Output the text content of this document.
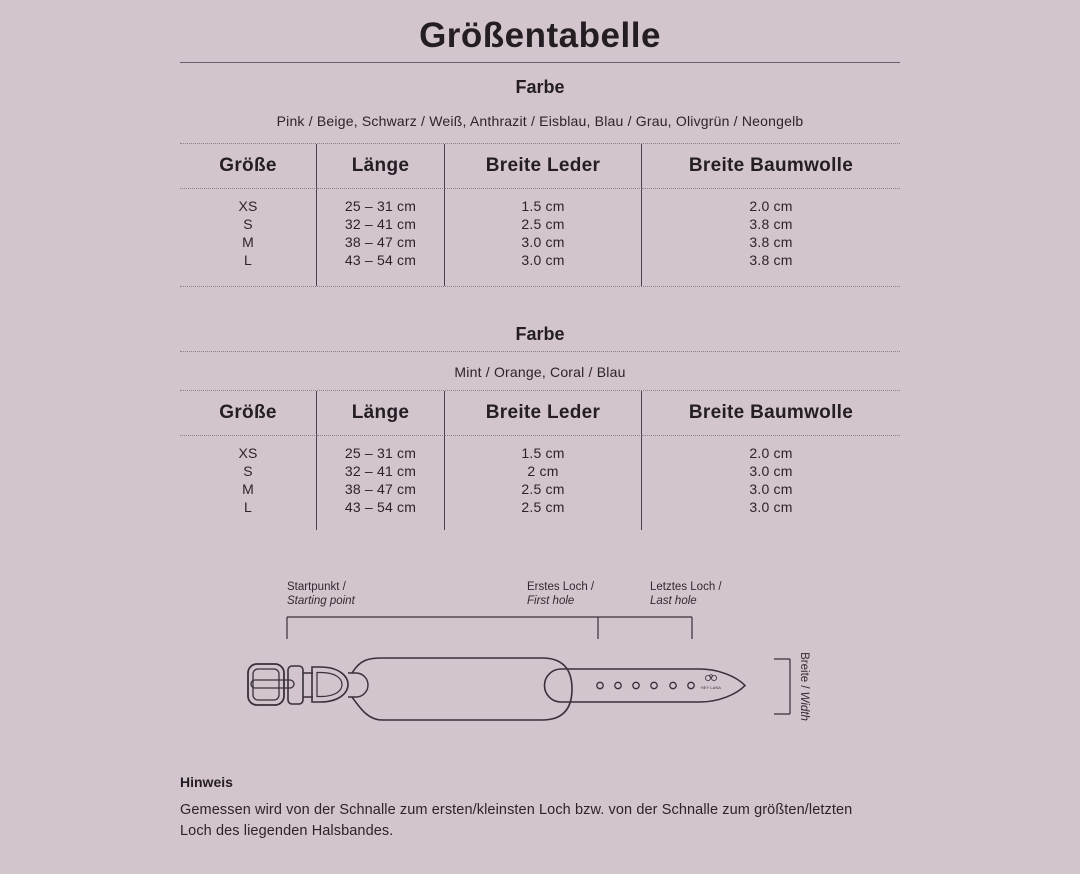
Größentabelle
Farbe
Pink / Beige, Schwarz / Weiß, Anthrazit / Eisblau, Blau / Grau, Olivgrün / Neongelb
Größe	Länge	Breite Leder	Breite Baumwolle
XS	25 – 31 cm	1.5 cm	2.0 cm
S	32 – 41 cm	2.5 cm	3.8 cm
M	38 – 47 cm	3.0 cm	3.8 cm
L	43 – 54 cm	3.0 cm	3.8 cm
Farbe
Mint / Orange, Coral / Blau
Größe	Länge	Breite Leder	Breite Baumwolle
XS	25 – 31 cm	1.5 cm	2.0 cm
S	32 – 41 cm	2 cm	3.0 cm
M	38 – 47 cm	2.5 cm	3.0 cm
L	43 – 54 cm	2.5 cm	3.0 cm
Startpunkt /
Starting point
Erstes Loch /
First hole
Letztes Loch /
Last hole
HEY LANA	Breite /Width
Hinweis
Gemessen wird von der Schnalle zum ersten/kleinsten Loch bzw. von der Schnalle zum größten/letzten
Loch des liegenden Halsbandes.
